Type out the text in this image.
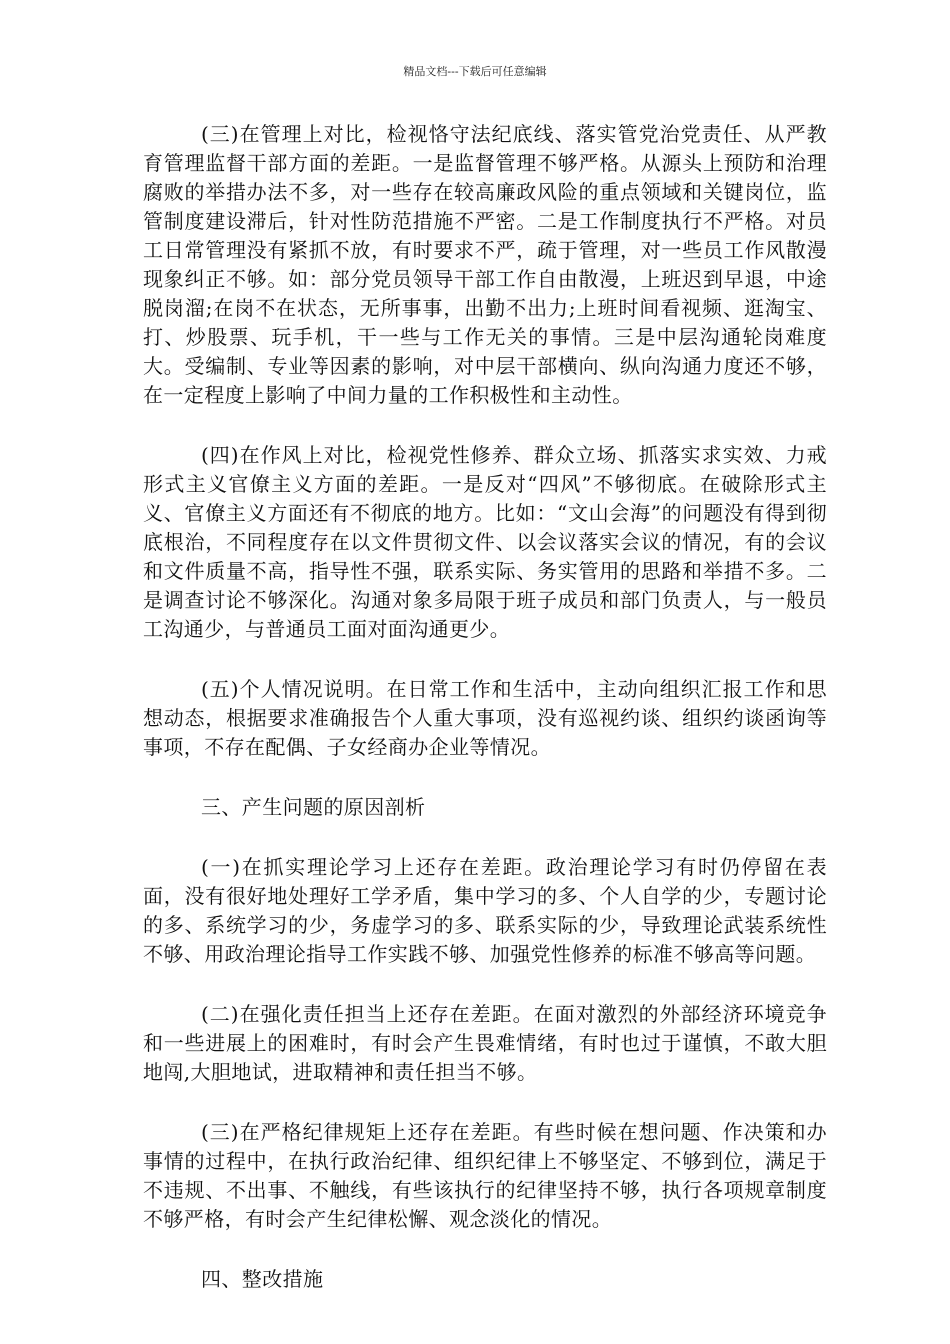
精品文档---下载后可任意编辑

(三)在管理上对比，检视恪守法纪底线、落实管党治党责任、从严教育管理监督干部方面的差距。一是监督管理不够严格。从源头上预防和治理腐败的举措办法不多，对一些存在较高廉政风险的重点领域和关键岗位，监管制度建设滞后，针对性防范措施不严密。二是工作制度执行不严格。对员工日常管理没有紧抓不放，有时要求不严，疏于管理，对一些员工作风散漫现象纠正不够。如：部分党员领导干部工作自由散漫，上班迟到早退，中途脱岗溜;在岗不在状态，无所事事，出勤不出力;上班时间看视频、逛淘宝、打、炒股票、玩手机，干一些与工作无关的事情。三是中层沟通轮岗难度大。受编制、专业等因素的影响，对中层干部横向、纵向沟通力度还不够，在一定程度上影响了中间力量的工作积极性和主动性。

(四)在作风上对比，检视党性修养、群众立场、抓落实求实效、力戒形式主义官僚主义方面的差距。一是反对“四风”不够彻底。在破除形式主义、官僚主义方面还有不彻底的地方。比如：“文山会海”的问题没有得到彻底根治，不同程度存在以文件贯彻文件、以会议落实会议的情况，有的会议和文件质量不高，指导性不强，联系实际、务实管用的思路和举措不多。二是调查讨论不够深化。沟通对象多局限于班子成员和部门负责人，与一般员工沟通少，与普通员工面对面沟通更少。

(五)个人情况说明。在日常工作和生活中，主动向组织汇报工作和思想动态，根据要求准确报告个人重大事项，没有巡视约谈、组织约谈函询等事项，不存在配偶、子女经商办企业等情况。

三、产生问题的原因剖析

(一)在抓实理论学习上还存在差距。政治理论学习有时仍停留在表面，没有很好地处理好工学矛盾，集中学习的多、个人自学的少，专题讨论的多、系统学习的少，务虚学习的多、联系实际的少，导致理论武装系统性不够、用政治理论指导工作实践不够、加强党性修养的标准不够高等问题。

(二)在强化责任担当上还存在差距。在面对激烈的外部经济环境竞争和一些进展上的困难时，有时会产生畏难情绪，有时也过于谨慎，不敢大胆地闯,大胆地试，进取精神和责任担当不够。

(三)在严格纪律规矩上还存在差距。有些时候在想问题、作决策和办事情的过程中，在执行政治纪律、组织纪律上不够坚定、不够到位，满足于不违规、不出事、不触线，有些该执行的纪律坚持不够，执行各项规章制度不够严格，有时会产生纪律松懈、观念淡化的情况。

四、整改措施
